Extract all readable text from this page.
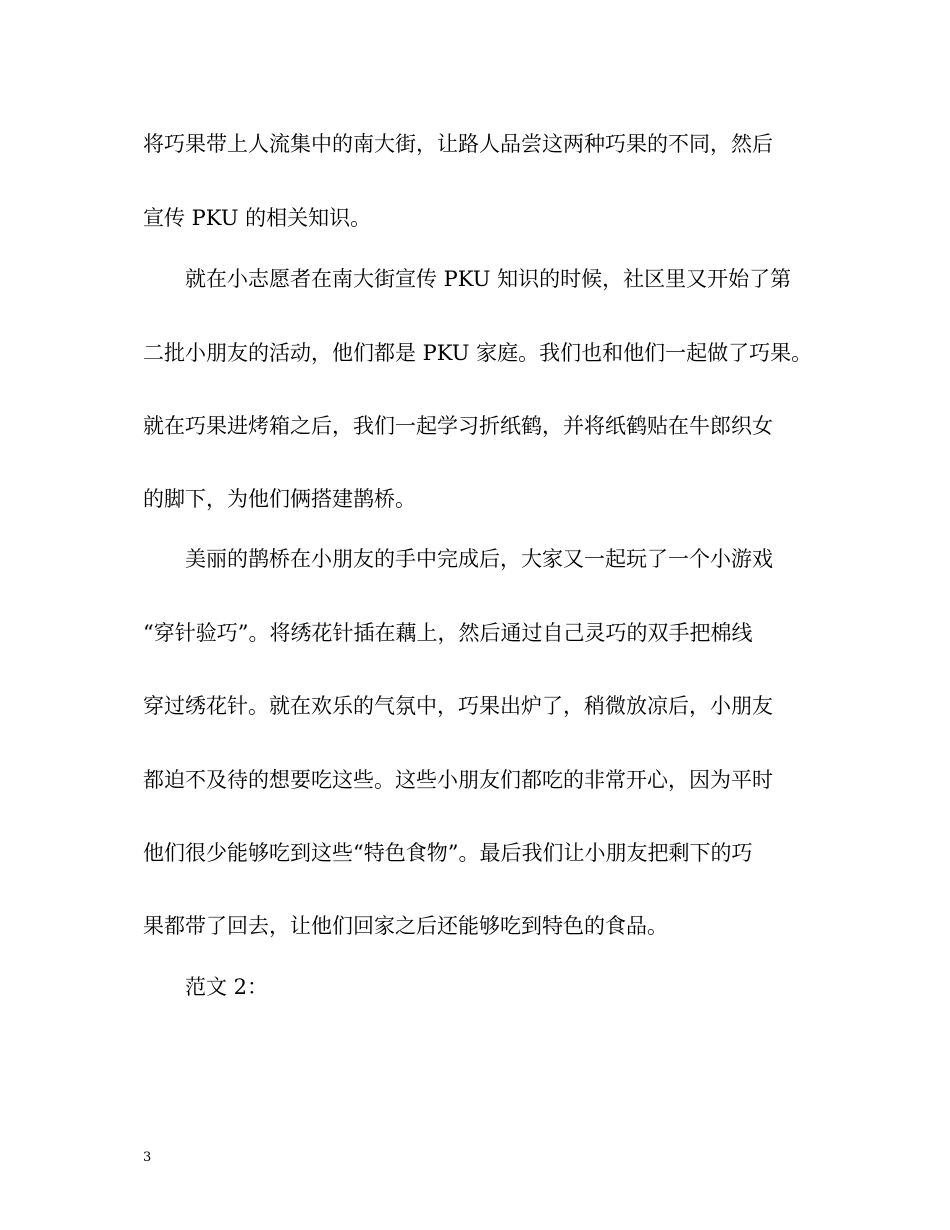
将巧果带上人流集中的南大街，让路人品尝这两种巧果的不同，然后
宣传 PKU 的相关知识。
就在小志愿者在南大街宣传 PKU 知识的时候，社区里又开始了第
二批小朋友的活动，他们都是 PKU 家庭。我们也和他们一起做了巧果。
就在巧果进烤箱之后，我们一起学习折纸鹤，并将纸鹤贴在牛郎织女
的脚下，为他们俩搭建鹊桥。
美丽的鹊桥在小朋友的手中完成后，大家又一起玩了一个小游戏
“穿针验巧”。将绣花针插在藕上，然后通过自己灵巧的双手把棉线
穿过绣花针。就在欢乐的气氛中，巧果出炉了，稍微放凉后，小朋友
都迫不及待的想要吃这些。这些小朋友们都吃的非常开心，因为平时
他们很少能够吃到这些“特色食物”。最后我们让小朋友把剩下的巧
果都带了回去，让他们回家之后还能够吃到特色的食品。
范文 2：
3
